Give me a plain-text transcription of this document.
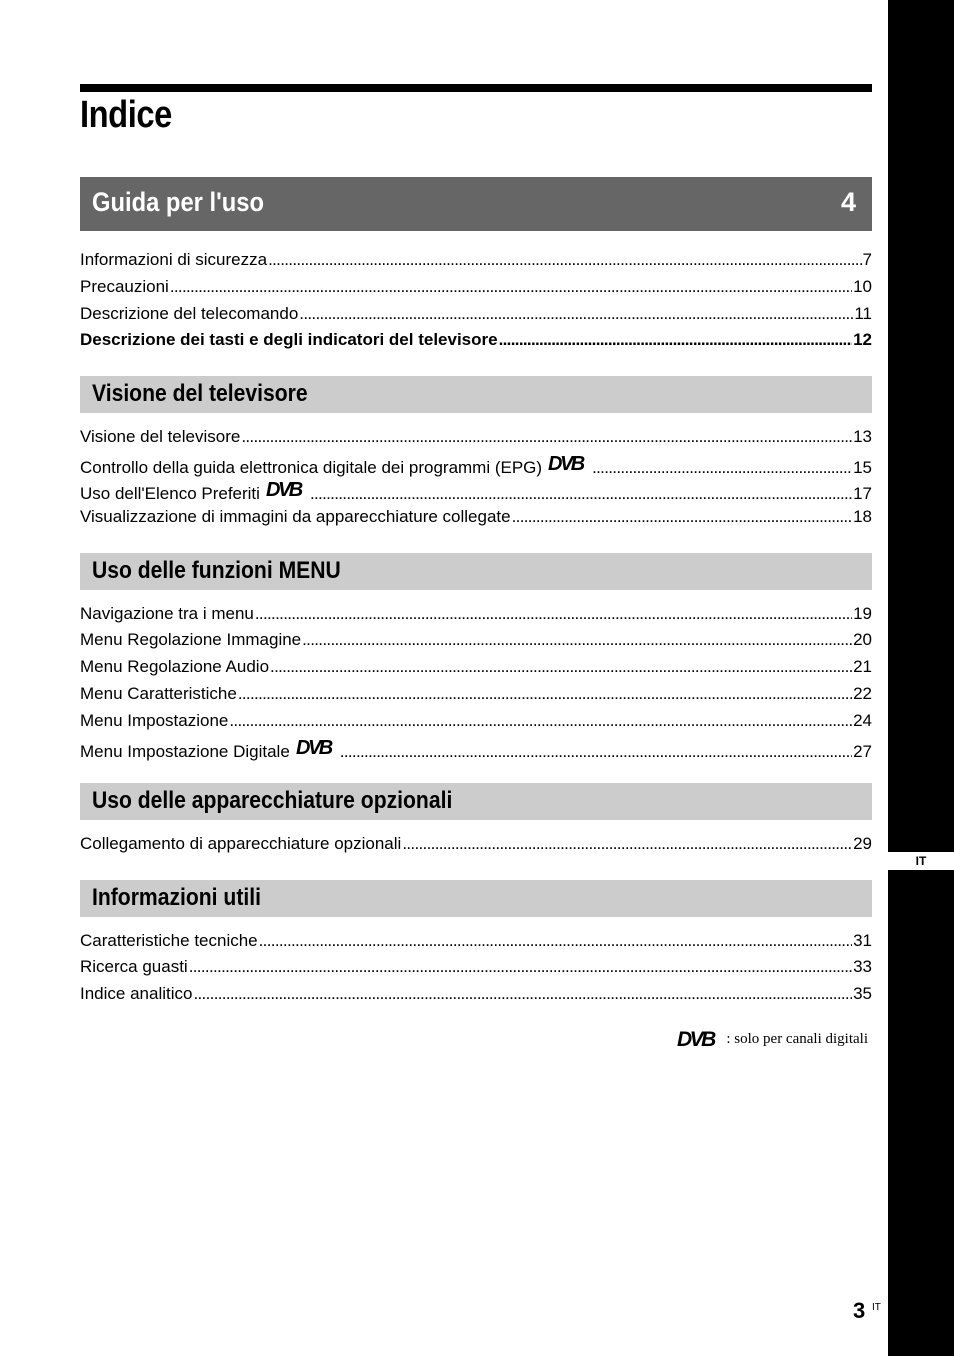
IT
Indice
Guida per l'uso	4
Informazioni di sicurezza . . .	7
Precauzioni . . .	10
Descrizione del telecomando . . .	11
Descrizione dei tasti e degli indicatori del televisore . . .	12
Visione del televisore
Visione del televisore . . .	13
Controllo della guida elettronica digitale dei programmi (EPG) DVB . . .	15
Uso dell'Elenco Preferiti DVB . . .	17
Visualizzazione di immagini da apparecchiature collegate . . .	18
Uso delle funzioni MENU
Navigazione tra i menu . . .	19
Menu Regolazione Immagine . . .	20
Menu Regolazione Audio . . .	21
Menu Caratteristiche . . .	22
Menu Impostazione . . .	24
Menu Impostazione Digitale DVB . . .	27
Uso delle apparecchiature opzionali
Collegamento di apparecchiature opzionali . . .	29
Informazioni utili
Caratteristiche tecniche . . .	31
Ricerca guasti . . .	33
Indice analitico . . .	35
DVB : solo per canali digitali
3 IT
